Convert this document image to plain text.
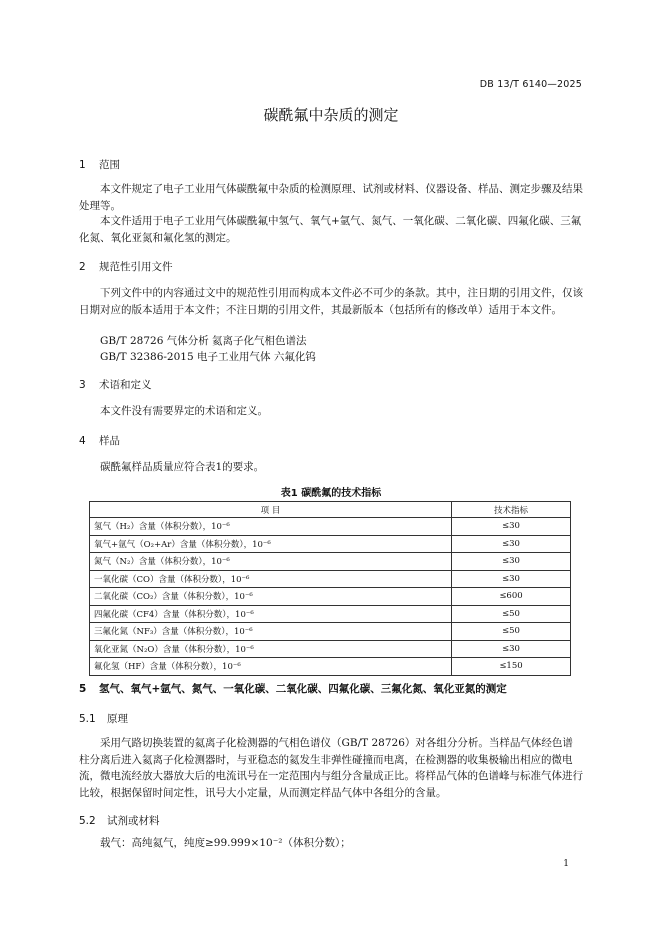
DB 13/T 6140—2025
碳酰氟中杂质的测定
1 范围

本文件规定了电子工业用气体碳酰氟中杂质的检测原理、试剂或材料、仪器设备、样品、测定步骤及结果处理等。

本文件适用于电子工业用气体碳酰氟中氢气、氧气+氩气、氮气、一氧化碳、二氧化碳、四氟化碳、三氟化氮、氧化亚氮和氟化氢的测定。

2 规范性引用文件

下列文件中的内容通过文中的规范性引用而构成本文件必不可少的条款。其中，注日期的引用文件，仅该日期对应的版本适用于本文件；不注日期的引用文件，其最新版本（包括所有的修改单）适用于本文件。

GB/T 28726 气体分析 氦离子化气相色谱法
GB/T 32386-2015 电子工业用气体 六氟化钨
3 术语和定义

本文件没有需要界定的术语和定义。

4 样品

碳酰氟样品质量应符合表1的要求。

表1 碳酰氟的技术指标
项 目	技术指标
氢气（H₂）含量（体积分数），10⁻⁶	≤30
氧气+氩气（O₂+Ar）含量（体积分数），10⁻⁶	≤30
氮气（N₂）含量（体积分数），10⁻⁶	≤30
一氧化碳（CO）含量（体积分数），10⁻⁶	≤30
二氧化碳（CO₂）含量（体积分数），10⁻⁶	≤600
四氟化碳（CF4）含量（体积分数），10⁻⁶	≤50
三氟化氮（NF₃）含量（体积分数），10⁻⁶	≤50
氧化亚氮（N₂O）含量（体积分数），10⁻⁶	≤30
氟化氢（HF）含量（体积分数），10⁻⁶	≤150
5 氢气、氧气+氩气、氮气、一氧化碳、二氧化碳、四氟化碳、三氟化氮、氧化亚氮的测定
5.1 原理

采用气路切换装置的氦离子化检测器的气相色谱仪（GB/T 28726）对各组分分析。当样品气体经色谱柱分离后进入氦离子化检测器时，与亚稳态的氦发生非弹性碰撞而电离，在检测器的收集极输出相应的微电流，微电流经放大器放大后的电流讯号在一定范围内与组分含量成正比。将样品气体的色谱峰与标准气体进行比较，根据保留时间定性，讯号大小定量，从而测定样品气体中各组分的含量。

5.2 试剂或材料

载气：高纯氦气，纯度≥99.999×10⁻²（体积分数）；

1
